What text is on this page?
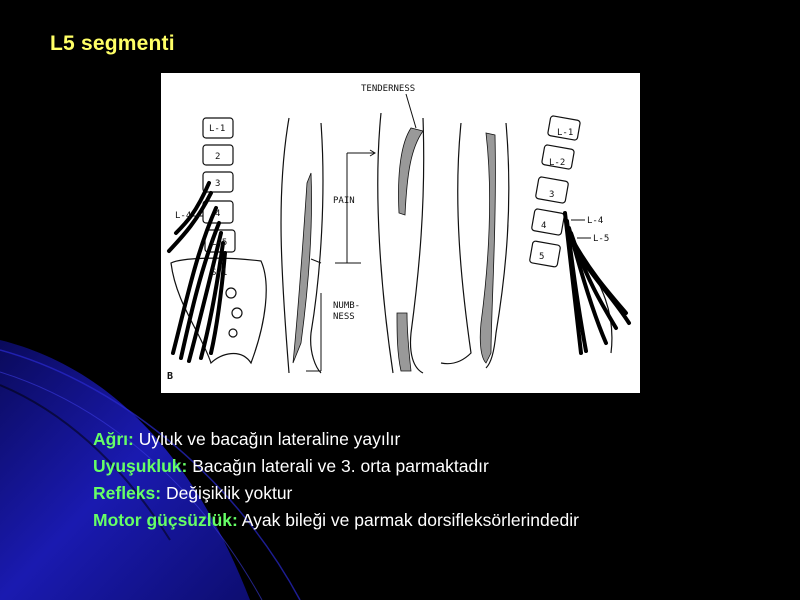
L5 segmenti
L-1
2
3
4
L-5
S-1
L-4
PAIN
NUMB-
NESS
TENDERNESS
L-1
L-2
3
4
5
L-4
L-5
B
Ağrı: Uyluk ve bacağın lateraline yayılır
Uyuşukluk: Bacağın laterali ve 3. orta parmaktadır
Refleks: Değişiklik yoktur
Motor güçsüzlük: Ayak bileği ve parmak dorsifleksörlerindedir
